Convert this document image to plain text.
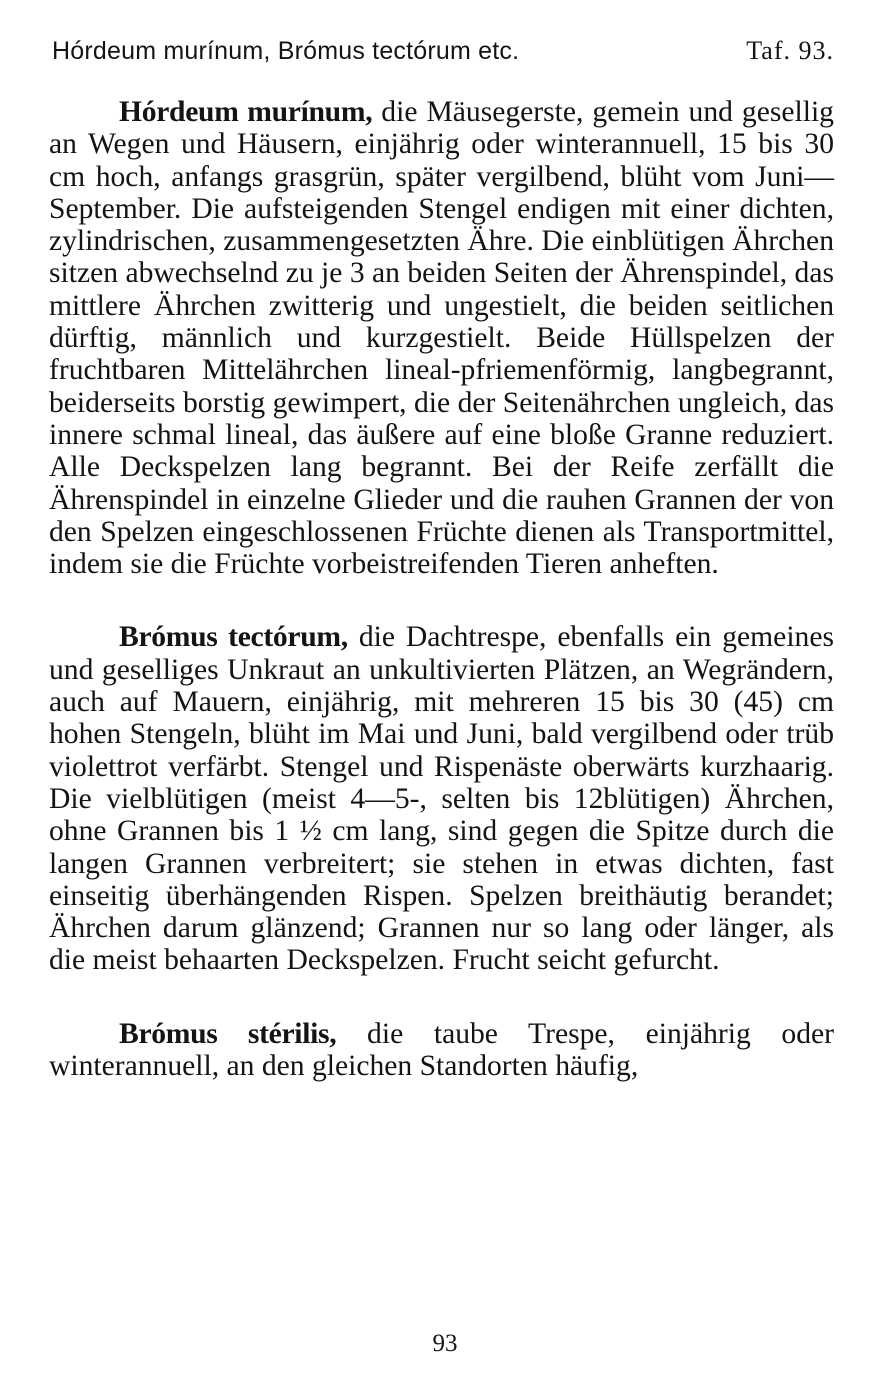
Hórdeum murínum, Brómus tectórum etc.	Taf. 93.

Hórdeum murínum, die Mäusegerste, gemein und gesellig an Wegen und Häusern, einjährig oder winterannuell, 15 bis 30 cm hoch, anfangs grasgrün, später vergilbend, blüht vom Juni—September. Die aufsteigenden Stengel endigen mit einer dichten, zylindrischen, zusammengesetzten Ähre. Die einblütigen Ährchen sitzen abwechselnd zu je 3 an beiden Seiten der Ährenspindel, das mittlere Ährchen zwitterig und ungestielt, die beiden seitlichen dürftig, männlich und kurzgestielt. Beide Hüllspelzen der fruchtbaren Mittelährchen lineal-pfriemenförmig, langbegrannt, beiderseits borstig gewimpert, die der Seitenährchen ungleich, das innere schmal lineal, das äußere auf eine bloße Granne reduziert. Alle Deckspelzen lang begrannt. Bei der Reife zerfällt die Ährenspindel in einzelne Glieder und die rauhen Grannen der von den Spelzen eingeschlossenen Früchte dienen als Transportmittel, indem sie die Früchte vorbeistreifenden Tieren anheften.

Brómus tectórum, die Dachtrespe, ebenfalls ein gemeines und geselliges Unkraut an unkultivierten Plätzen, an Wegrändern, auch auf Mauern, einjährig, mit mehreren 15 bis 30 (45) cm hohen Stengeln, blüht im Mai und Juni, bald vergilbend oder trüb violettrot verfärbt. Stengel und Rispenäste oberwärts kurzhaarig. Die vielblütigen (meist 4—5-, selten bis 12blütigen) Ährchen, ohne Grannen bis 1 ½ cm lang, sind gegen die Spitze durch die langen Grannen verbreitert; sie stehen in etwas dichten, fast einseitig überhängenden Rispen. Spelzen breithäutig berandet; Ährchen darum glänzend; Grannen nur so lang oder länger, als die meist behaarten Deckspelzen. Frucht seicht gefurcht.

Brómus stérilis, die taube Trespe, einjährig oder winterannuell, an den gleichen Standorten häufig,

93
